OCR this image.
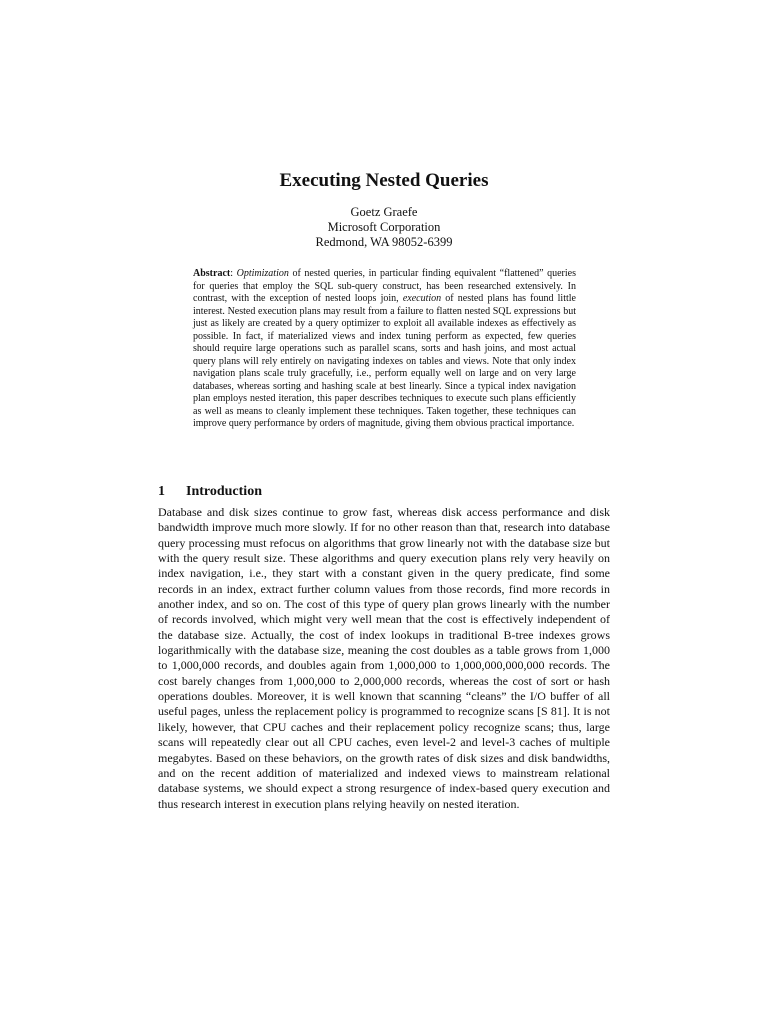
Executing Nested Queries
Goetz Graefe
Microsoft Corporation
Redmond, WA 98052-6399
Abstract: Optimization of nested queries, in particular finding equivalent “flattened” queries for queries that employ the SQL sub-query construct, has been researched extensively. In contrast, with the exception of nested loops join, execution of nested plans has found little interest. Nested execution plans may result from a failure to flatten nested SQL expressions but just as likely are created by a query optimizer to exploit all available indexes as effectively as possible. In fact, if materialized views and index tuning perform as expected, few queries should require large operations such as parallel scans, sorts and hash joins, and most actual query plans will rely entirely on navigating indexes on tables and views. Note that only index navigation plans scale truly gracefully, i.e., perform equally well on large and on very large databases, whereas sorting and hashing scale at best linearly. Since a typical index navigation plan employs nested iteration, this paper describes techniques to execute such plans efficiently as well as means to cleanly implement these techniques. Taken together, these techniques can improve query performance by orders of magnitude, giving them obvious practical importance.
1 Introduction
Database and disk sizes continue to grow fast, whereas disk access performance and disk bandwidth improve much more slowly. If for no other reason than that, research into database query processing must refocus on algorithms that grow linearly not with the database size but with the query result size. These algorithms and query execution plans rely very heavily on index navigation, i.e., they start with a constant given in the query predicate, find some records in an index, extract further column values from those records, find more records in another index, and so on. The cost of this type of query plan grows linearly with the number of records involved, which might very well mean that the cost is effectively independent of the database size. Actually, the cost of index lookups in traditional B-tree indexes grows logarithmically with the database size, meaning the cost doubles as a table grows from 1,000 to 1,000,000 records, and doubles again from 1,000,000 to 1,000,000,000,000 records. The cost barely changes from 1,000,000 to 2,000,000 records, whereas the cost of sort or hash operations doubles. Moreover, it is well known that scanning “cleans” the I/O buffer of all useful pages, unless the replacement policy is programmed to recognize scans [S 81]. It is not likely, however, that CPU caches and their replacement policy recognize scans; thus, large scans will repeatedly clear out all CPU caches, even level-2 and level-3 caches of multiple megabytes. Based on these behaviors, on the growth rates of disk sizes and disk bandwidths, and on the recent addition of materialized and indexed views to mainstream relational database systems, we should expect a strong resurgence of index-based query execution and thus research interest in execution plans relying heavily on nested iteration.
